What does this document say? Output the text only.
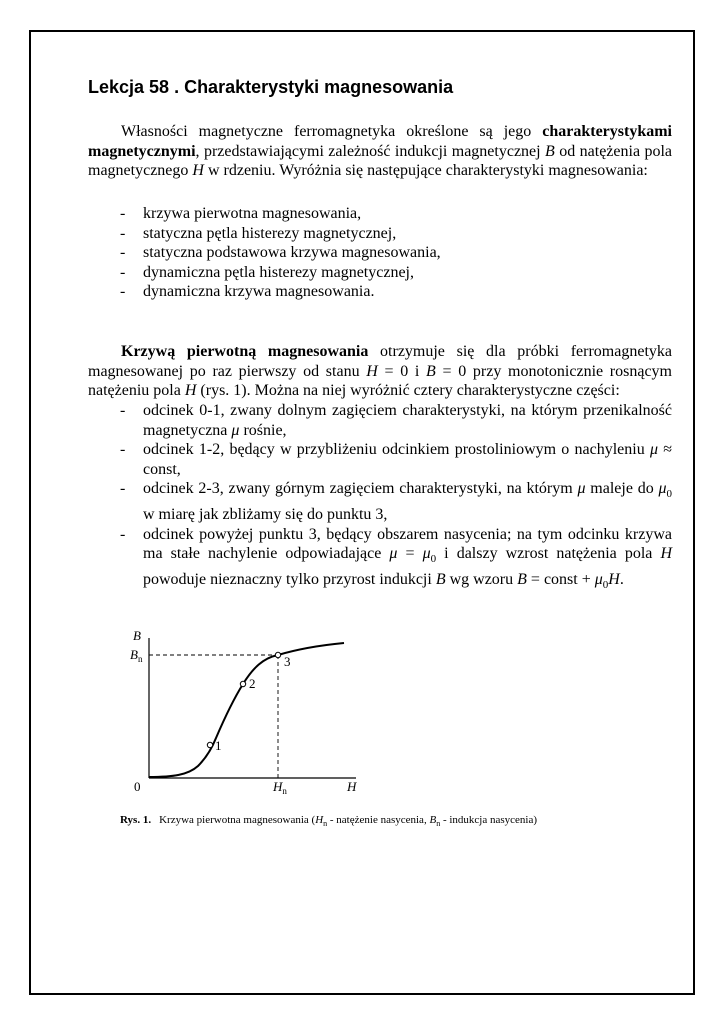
Lekcja 58 . Charakterystyki magnesowania

Własności magnetyczne ferromagnetyka określone są jego charakterystykami magnetycznymi, przedstawiającymi zależność indukcji magnetycznej B od natężenia pola magnetycznego H w rdzeniu. Wyróżnia się następujące charakterystyki magnesowania:

- krzywa pierwotna magnesowania,
- statyczna pętla histerezy magnetycznej,
- statyczna podstawowa krzywa magnesowania,
- dynamiczna pętla histerezy magnetycznej,
- dynamiczna krzywa magnesowania.

Krzywą pierwotną magnesowania otrzymuje się dla próbki ferromagnetyka magnesowanej po raz pierwszy od stanu H = 0 i B = 0 przy monotonicznie rosnącym natężeniu pola H (rys. 1). Można na niej wyróżnić cztery charakterystyczne części:

- odcinek 0-1, zwany dolnym zagięciem charakterystyki, na którym przenikalność magnetyczna μ rośnie,
- odcinek 1-2, będący w przybliżeniu odcinkiem prostoliniowym o nachyleniu μ ≈ const,
- odcinek 2-3, zwany górnym zagięciem charakterystyki, na którym μ maleje do $\mu_0$ w miarę jak zbliżamy się do punktu 3,
- odcinek powyżej punktu 3, będący obszarem nasycenia; na tym odcinku krzywa ma stałe nachylenie odpowiadające $\mu = \mu_0$ i dalszy wzrost natężenia pola H powoduje nieznaczny tylko przyrost indukcji B wg wzoru B = const + $\mu_0H$.
B
$B_n$
1
2
3
0	$H_n$	H
Rys. 1. Krzywa pierwotna magnesowania ($H_n$ - natężenie nasycenia, $B_n$ - indukcja nasycenia)
